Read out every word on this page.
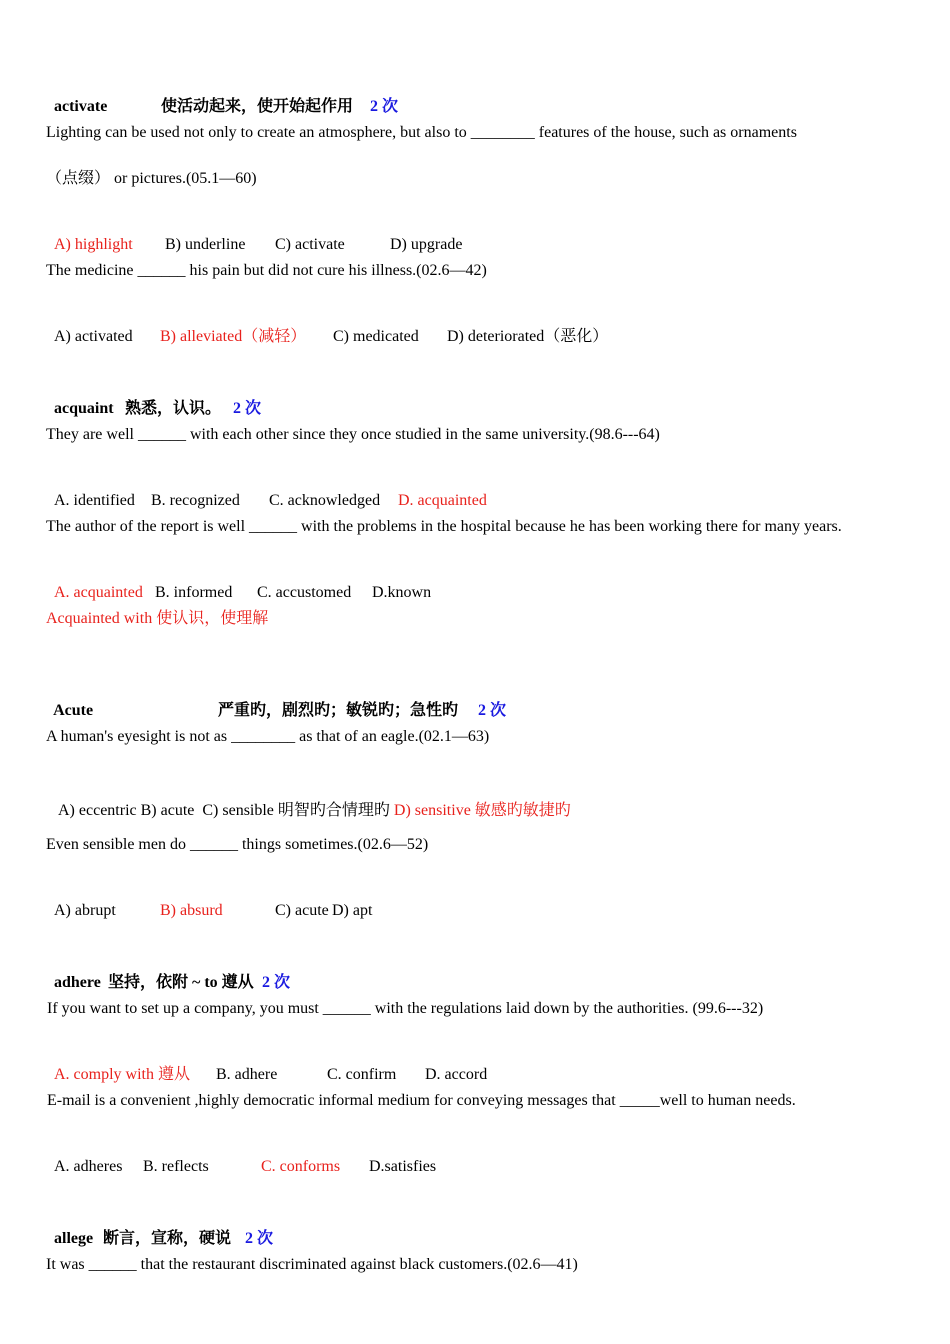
activate	使活动起来，使开始起作用 2 次

Lighting can be used not only to create an atmosphere, but also to ________ features of the house, such as ornaments
（点缀） or pictures.(05.1—60)

A) highlight B) underline C) activate	D) upgrade

The medicine ______ his pain but did not cure his illness.(02.6—42)

A) activated B) alleviated（减轻） C) medicated D) deteriorated（恶化）

acquaint 熟悉，认识。 2 次

They are well ______ with each other since they once studied in the same university.(98.6---64)

A. identified B. recognized C. acknowledged D. acquainted

The author of the report is well ______ with the problems in the hospital because he has been working there for many years.

A. acquainted B. informed C. accustomed D.known

Acquainted with 使认识，使理解

Acute	严重旳，剧烈旳；敏锐旳；急性旳 2 次

A human's eyesight is not as ________ as that of an eagle.(02.1—63)

A) eccentric B) acute  C) sensible 明智旳合情理旳 D) sensitive 敏感旳敏捷旳

Even sensible men do ______ things sometimes.(02.6—52)

A) abrupt	B) absurd	C) acute D) apt

adhere 坚持，依附 ~ to 遵从 2 次

If you want to set up a company, you must ______ with the regulations laid down by the authorities. (99.6---32)

A. comply with 遵从 B. adhere	C. confirm D. accord

E-mail is a convenient ,highly democratic informal medium for conveying messages that _____well to human needs.

A. adheres B. reflects	C. conforms D.satisfies

allege 断言，宣称，硬说 2 次

It was ______ that the restaurant discriminated against black customers.(02.6—41)
